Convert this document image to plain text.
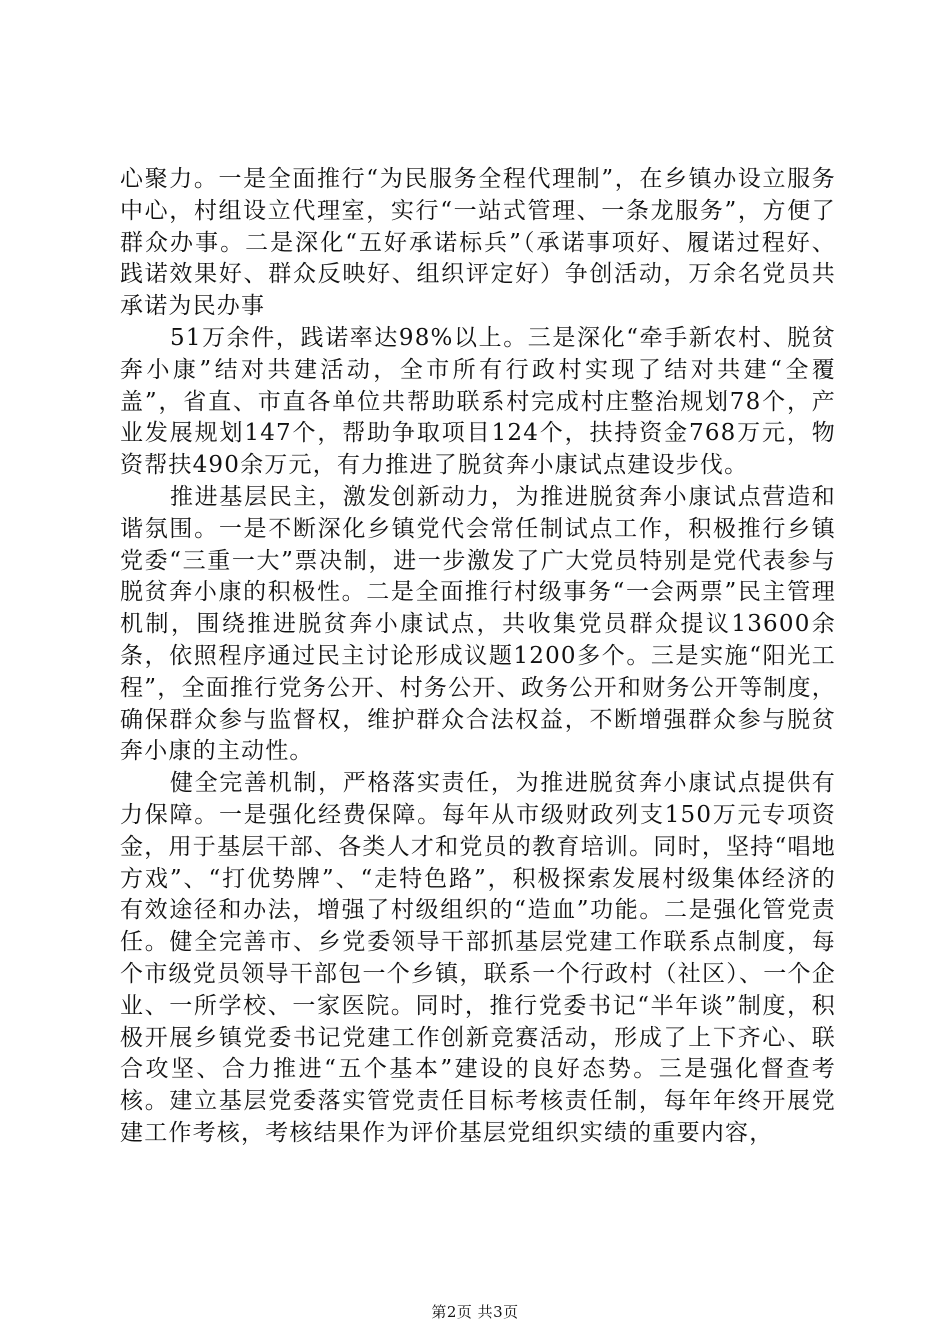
心聚力。一是全面推行“为民服务全程代理制”，在乡镇办设立服务中心，村组设立代理室，实行“一站式管理、一条龙服务”，方便了群众办事。二是深化“五好承诺标兵”（承诺事项好、履诺过程好、践诺效果好、群众反映好、组织评定好）争创活动，万余名党员共承诺为民办事

51万余件，践诺率达98%以上。三是深化“牵手新农村、脱贫奔小康”结对共建活动，全市所有行政村实现了结对共建“全覆盖”，省直、市直各单位共帮助联系村完成村庄整治规划78个，产业发展规划147个，帮助争取项目124个，扶持资金768万元，物资帮扶490余万元，有力推进了脱贫奔小康试点建设步伐。

推进基层民主，激发创新动力，为推进脱贫奔小康试点营造和谐氛围。一是不断深化乡镇党代会常任制试点工作，积极推行乡镇党委“三重一大”票决制，进一步激发了广大党员特别是党代表参与脱贫奔小康的积极性。二是全面推行村级事务“一会两票”民主管理机制，围绕推进脱贫奔小康试点，共收集党员群众提议13600余条，依照程序通过民主讨论形成议题1200多个。三是实施“阳光工程”，全面推行党务公开、村务公开、政务公开和财务公开等制度，确保群众参与监督权，维护群众合法权益，不断增强群众参与脱贫奔小康的主动性。

健全完善机制，严格落实责任，为推进脱贫奔小康试点提供有力保障。一是强化经费保障。每年从市级财政列支150万元专项资金，用于基层干部、各类人才和党员的教育培训。同时，坚持“唱地方戏”、“打优势牌”、“走特色路”，积极探索发展村级集体经济的有效途径和办法，增强了村级组织的“造血”功能。二是强化管党责任。健全完善市、乡党委领导干部抓基层党建工作联系点制度，每个市级党员领导干部包一个乡镇，联系一个行政村（社区）、一个企业、一所学校、一家医院。同时，推行党委书记“半年谈”制度，积极开展乡镇党委书记党建工作创新竞赛活动，形成了上下齐心、联合攻坚、合力推进“五个基本”建设的良好态势。三是强化督查考核。建立基层党委落实管党责任目标考核责任制，每年年终开展党建工作考核，考核结果作为评价基层党组织实绩的重要内容，

第2页 共3页
